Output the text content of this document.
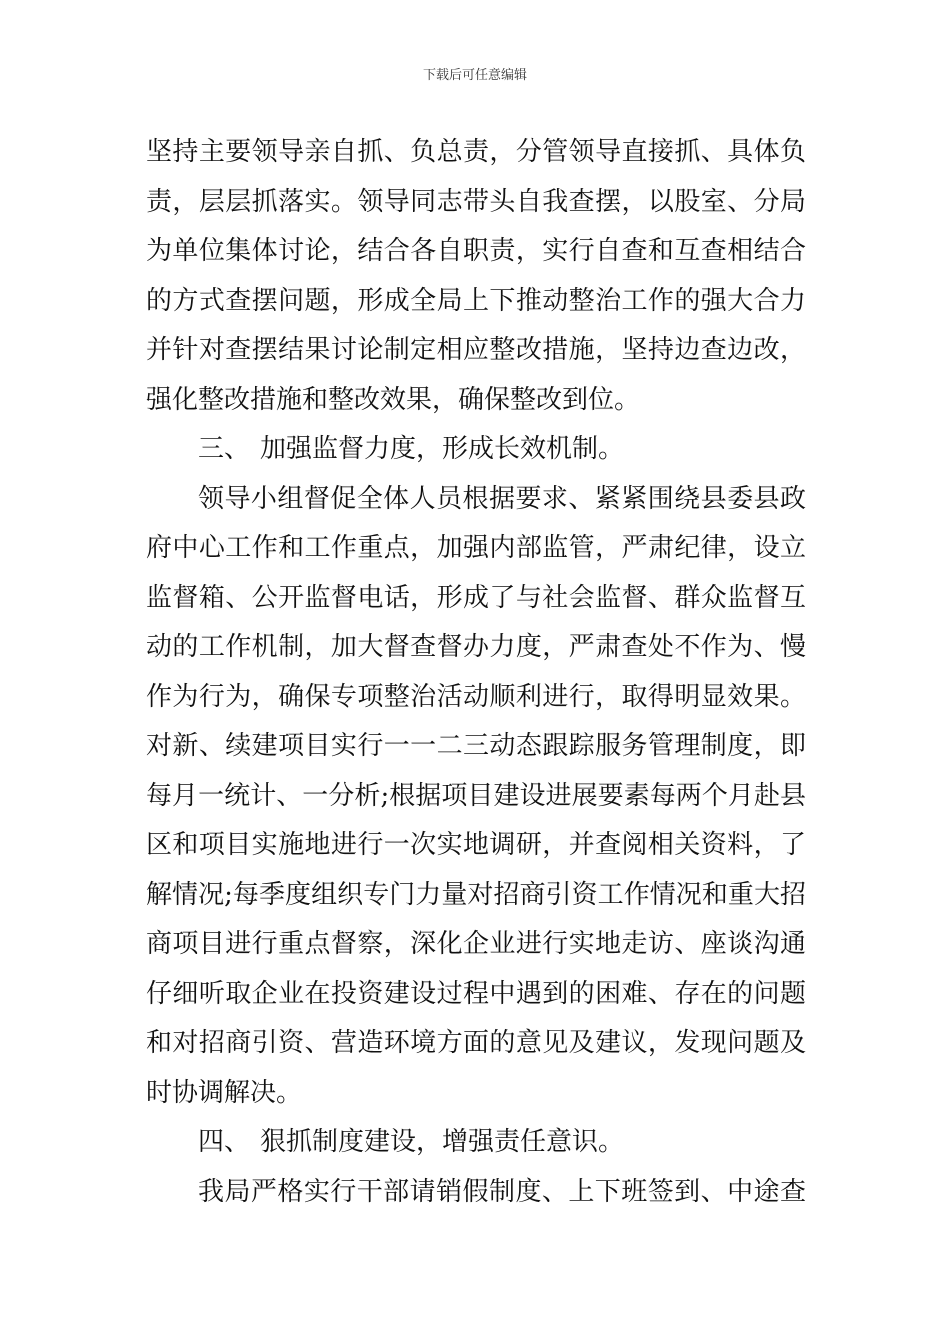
下载后可任意编辑
坚持主要领导亲自抓、负总责，分管领导直接抓、具体负
责，层层抓落实。领导同志带头自我查摆，以股室、分局
为单位集体讨论，结合各自职责，实行自查和互查相结合
的方式查摆问题，形成全局上下推动整治工作的强大合力
并针对查摆结果讨论制定相应整改措施，坚持边查边改，
强化整改措施和整改效果，确保整改到位。
三、 加强监督力度，形成长效机制。
领导小组督促全体人员根据要求、紧紧围绕县委县政
府中心工作和工作重点，加强内部监管，严肃纪律，设立
监督箱、公开监督电话，形成了与社会监督、群众监督互
动的工作机制，加大督查督办力度，严肃查处不作为、慢
作为行为，确保专项整治活动顺利进行，取得明显效果。
对新、续建项目实行一一二三动态跟踪服务管理制度，即
每月一统计、一分析;根据项目建设进展要素每两个月赴县
区和项目实施地进行一次实地调研，并查阅相关资料，了
解情况;每季度组织专门力量对招商引资工作情况和重大招
商项目进行重点督察，深化企业进行实地走访、座谈沟通
仔细听取企业在投资建设过程中遇到的困难、存在的问题
和对招商引资、营造环境方面的意见及建议，发现问题及
时协调解决。
四、 狠抓制度建设，增强责任意识。
我局严格实行干部请销假制度、上下班签到、中途查
